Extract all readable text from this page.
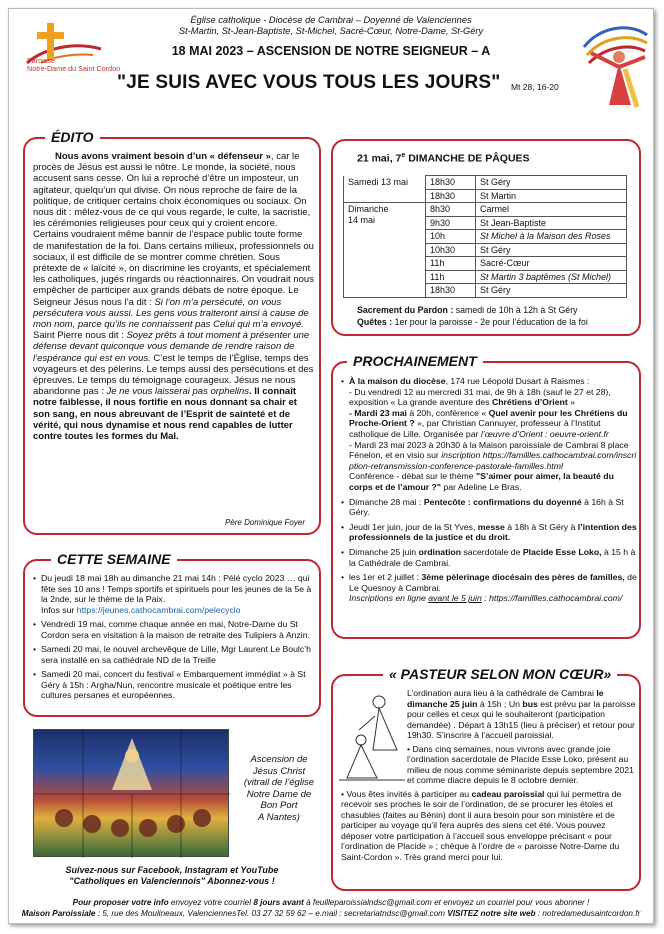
Paroisse
Notre-Dame du Saint Cordon
Église catholique - Diocèse de Cambrai – Doyenné de Valenciennes
St-Martin, St-Jean-Baptiste, St-Michel, Sacré-Cœur, Notre-Dame, St-Géry
18 MAI 2023 – ASCENSION DE NOTRE SEIGNEUR – A
"JE SUIS AVEC VOUS TOUS LES JOURS" Mt 28, 16-20
ÉDITO

Nous avons vraiment besoin d’un « défenseur », car le procès de Jésus est aussi le nôtre. Le monde, la société, nous accusent sans cesse. On lui a reproché d’être un imposteur, un agitateur, quelqu’un qui divise. On nous reproche de faire de la politique, de critiquer certains choix économiques ou sociaux. On nous dit : mêlez-vous de ce qui vous regarde, le culte, la sacristie, les cérémonies religieuses pour ceux qui y croient encore. Certains voudraient même bannir de l’espace public toute forme de manifestation de la foi. Dans certains milieux, professionnels ou sociaux, il est difficile de se montrer comme chrétien. Sous prétexte de « laïcité », on discrimine les croyants, et spécialement les catholiques, jugés ringards ou réactionnaires. On voudrait nous empêcher de participer aux grands débats de notre époque. Le Seigneur Jésus nous l’a dit : Si l’on m’a persécuté, on vous persécutera vous aussi. Les gens vous traiteront ainsi à cause de mon nom, parce qu’ils ne connaissent pas Celui qui m’a envoyé. Saint Pierre nous dit : Soyez prêts à tout moment à présenter une défense devant quiconque vous demande de rendre raison de l’espérance qui est en vous. C’est le temps de l’Église, temps des voyageurs et des pèlerins. Le temps aussi des persécutions et des épreuves. Le temps du témoignage courageux. Jésus ne nous abandonne pas : Je ne vous laisserai pas orphelins. Il connaît notre faiblesse, il nous fortifie en nous donnant sa chair et son sang, en nous abreuvant de l’Esprit de sainteté et de vérité, qui nous dynamise et nous rend capables de lutter contre toutes les formes du Mal.

Père Dominique Foyer
21 mai, 7e DIMANCHE DE PÂQUES
Samedi 13 mai	18h30	St Géry
	18h30	St Martin

Dimanche
14 mai	8h30	Carmel
	9h30	St Jean-Baptiste
	10h	St Michel à la Maison des Roses
	10h30	St Géry
	11h	Sacré-Cœur
	11h	St Martin 3 baptêmes (St Michel)
	18h30	St Géry
Sacrement du Pardon : samedi de 10h à 12h à St Géry
Quêtes : 1er pour la paroisse - 2e pour l’éducation de la foi
PROCHAINEMENT
• À la maison du diocèse, 174 rue Léopold Dusart à Raismes :
- Du vendredi 12 au mercredi 31 mai, de 9h à 18h (sauf le 27 et 28), exposition « La grande aventure des Chrétiens d’Orient »
- Mardi 23 mai à 20h, conférence « Quel avenir pour les Chrétiens du Proche-Orient ? », par Christian Cannuyer, professeur à l’Institut catholique de Lille. Organisée par l’œuvre d’Orient : oeuvre-orient.fr
- Mardi 23 mai 2023 à 20h30 à la Maison paroissiale de Cambrai 8 place Fénelon, et en visio sur inscription https://famillles.cathocambrai.com/inscription-retransmission-conference-pastorale-familles.html
Conférence - débat sur le thème "S’aimer pour aimer, la beauté du corps et de l’amour ?" par Adeline Le Bras.
• Dimanche 28 mai : Pentecôte : confirmations du doyenné à 16h à St Géry.
• Jeudi 1er juin, jour de la St Yves, messe à 18h à St Géry à l’intention des professionnels de la justice et du droit.
• Dimanche 25 juin ordination sacerdotale de Placide Esse Loko, à 15 h à la Cathédrale de Cambrai.
• les 1er et 2 juillet : 3ème pèlerinage diocésain des pères de familles, de Le Quesnoy à Cambrai.
Inscriptions en ligne avant le 5 juin : https://famillles.cathocambrai.com/
CETTE SEMAINE
• Du jeudi 18 mai 18h au dimanche 21 mai 14h : Pélé cyclo 2023 … qui fête ses 10 ans ! Temps sportifs et spirituels pour les jeunes de la 5e à la 2nde, sur le thème de la Paix.
Infos sur https://jeunes.cathocambrai.com/pelecyclo
• Vendredi 19 mai, comme chaque année en mai, Notre-Dame du St Cordon sera en visitation à la maison de retraite des Tulipiers à Anzin.
• Samedi 20 mai, le nouvel archevêque de Lille, Mgr Laurent Le Boulc’h sera installé en sa cathédrale ND de la Treille
• Samedi 20 mai, concert du festival « Embarquement immédiat » à St Géry à 15h : Argha/Nun, rencontre musicale et poétique entre les cultures persanes et européennes.
Ascension de
Jésus Christ
(vitrail de l’église
Notre Dame de
Bon Port
A Nantes)
Suivez-nous sur Facebook, Instagram et YouTube
"Catholiques en Valenciennois" Abonnez-vous !
« PASTEUR SELON MON CŒUR»

L’ordination aura lieu à la cathédrale de Cambrai le dimanche 25 juin à 15h ; Un bus est prévu par la paroisse pour celles et ceux qui le souhaiteront (participation demandée) . Départ à 13h15 (lieu à préciser) et retour pour 19h30. S’inscrire à l’accueil paroissial.

• Dans cinq semaines, nous vivrons avec grande joie l’ordination sacerdotale de Placide Esse Loko, présent au milieu de nous comme séminariste depuis septembre 2021 et comme diacre depuis le 8 octobre dernier.

• Vous êtes invités à participer au cadeau paroissial qui lui permettra de recevoir ses proches le soir de l’ordination, de se procurer les étoles et chasubles (faites au Bénin) dont il aura besoin pour son ministère et de participer au voyage qu’il fera auprès des siens cet été. Vous pouvez déposer votre participation à l’accueil sous enveloppe précisant « pour l’ordination de Placide » ; chèque à l’ordre de « paroisse Notre-Dame du Saint-Cordon ». Très grand merci pour lui.

Pour proposer votre info envoyez votre courriel 8 jours avant à feuilleparoissialndsc@gmail.com et envoyez un courriel pour vous abonner !
Maison Paroissiale : 5, rue des Moulineaux, ValenciennesTel. 03 27 32 59 62 – e.mail : secretariatndsc@gmail.com VISITEZ notre site web : notredamedusaintcordon.fr
